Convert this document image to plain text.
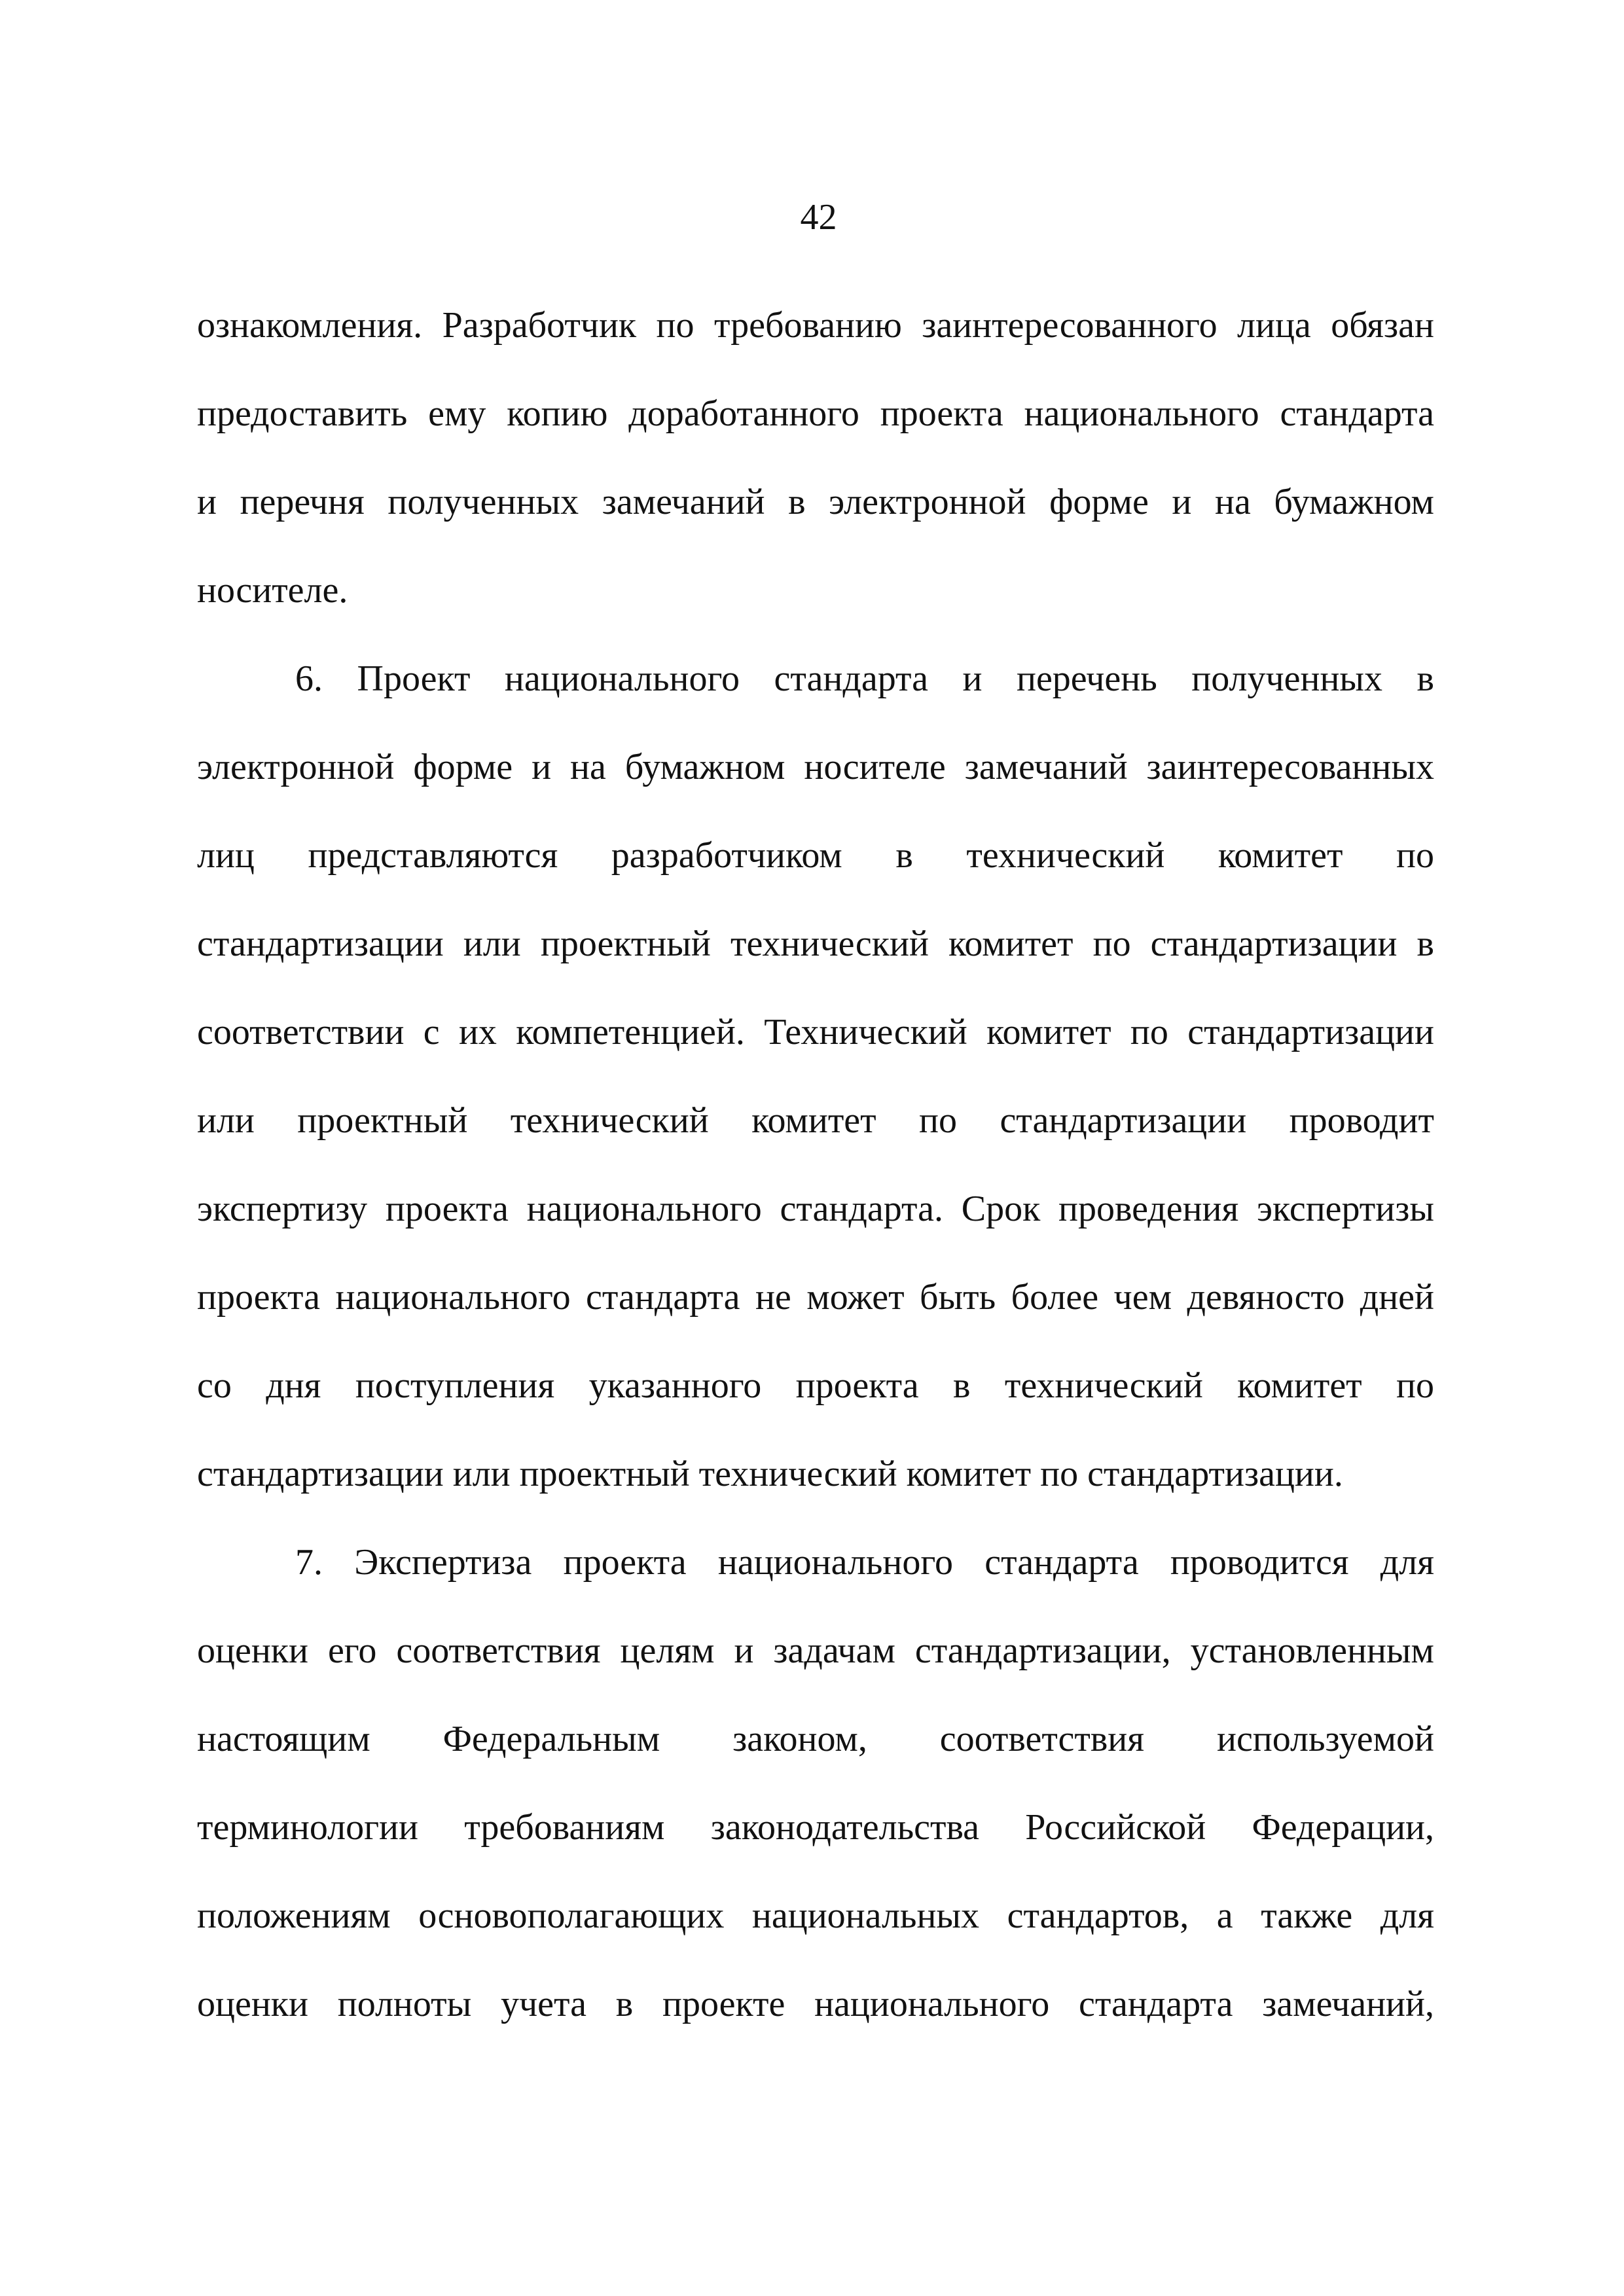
42
ознакомления. Разработчик по требованию заинтересованного лица обязан
предоставить ему копию доработанного проекта национального стандарта
и перечня полученных замечаний в электронной форме и на бумажном
носителе.
6. Проект национального стандарта и перечень полученных в
электронной форме и на бумажном носителе замечаний заинтересованных
лиц представляются разработчиком в технический комитет по
стандартизации или проектный технический комитет по стандартизации в
соответствии с их компетенцией. Технический комитет по стандартизации
или проектный технический комитет по стандартизации проводит
экспертизу проекта национального стандарта. Срок проведения экспертизы
проекта национального стандарта не может быть более чем девяносто дней
со дня поступления указанного проекта в технический комитет по
стандартизации или проектный технический комитет по стандартизации.
7. Экспертиза проекта национального стандарта проводится для
оценки его соответствия целям и задачам стандартизации, установленным
настоящим Федеральным законом, соответствия используемой
терминологии требованиям законодательства Российской Федерации,
положениям основополагающих национальных стандартов, а также для
оценки полноты учета в проекте национального стандарта замечаний,
